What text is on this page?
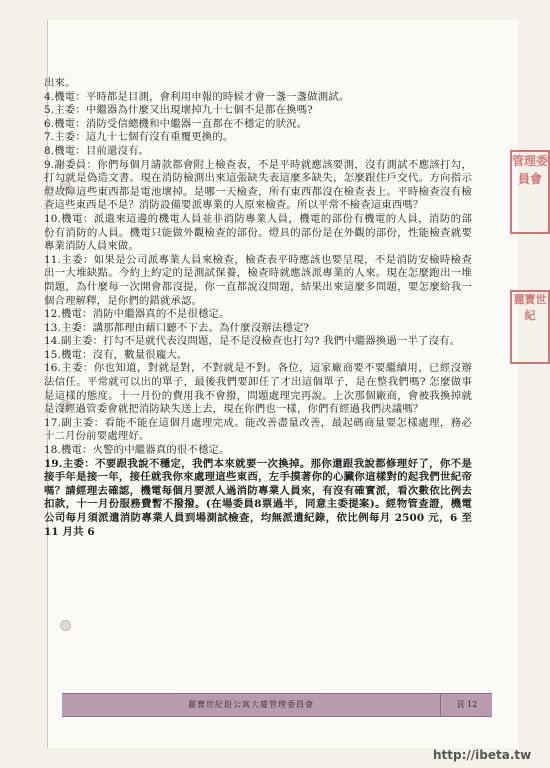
出來。

4.機電：平時都是目測，會利用申報的時候才會一盞一盞做測試。

5.主委：中繼器為什麼又出現壞掉九十七個不是都在換嗎?

6.機電：消防受信總機和中繼器一直都在不穩定的狀況。

7.主委：這九十七個有沒有重覆更換的。

8.機電：目前還沒有。

9.謝委員：你們每個月請款都會附上檢查表，不是平時就應該要測，沒有測試不應該打勾，打勾就是偽造文書。現在消防檢測出來這張缺失表這麼多缺失，怎麼跟住戶交代。方向指示燈故障這些東西都是電池壞掉。是哪一天檢查，所有東西都沒在檢查表上。平時檢查沒有檢查這些東西是不是？消防設備要派專業的人原來檢查。所以平常不檢查這東西嗎？

10.機電：派遣來這邊的機電人員並非消防專業人員，機電的部份有機電的人員，消防的部份有消防的人員。機電只能做外觀檢查的部份。燈具的部份是在外觀的部份，性能檢查就要專業消防人員來做。

11.主委：如果是公司派專業人員來檢查，檢查表平時應該也要呈現，不是消防安檢時檢查出一大堆缺點。今約上約定的是測試保養，檢查時就應該派專業的人來。現在怎麼跑出一堆問題，為什麼每一次開會都沒提，你一直都說沒問題，結果出來這麼多問題，要怎麼給我一個合理解釋，是你們的錯就承認。

12.機電：消防中繼器真的不是很穩定。

13.主委：講那都理由藉口聽不下去。為什麼沒辦法穩定?

14.副主委：打勾不是就代表沒問題，是不是沒檢查也打勾? 我們中繼器換過一半了沒有。

15.機電：沒有，數量很龐大。

16.主委：你也知道，對就是對，不對就是不對。各位，這家廠商要不要繼續用，已經沒辦法信任。平常就可以出的單子，最後我們要卸任了才出這個單子，是在整我們嗎? 怎麼做事是這樣的態度。十一月份的費用我不會撥，問題處理完再說。上次那個廠商，會被我換掉就是沒經過管委會就把消防缺失送上去，現在你們也一樣，你們有經過我們決議嗎？

17.副主委：看能不能在這個月處理完成。能改善盡量改善，最起碼商量要怎樣處理，務必十二月份前要處理好。

18.機電：火警的中繼器真的很不穩定。

19.主委：不要跟我說不穩定，我們本來就要一次換掉。那你還跟我說都修理好了，你不是接手年是接一年，接任就我你來處理這些東西，左手摸著你的心臟你這樣對的起我們世紀帝嗎？請經理去確認，機電每個月要派人過消防專業人員來，有沒有確實派，看次數依比例去扣款，十一月份服務費暫不撥撥。(在場委員8票過半，同意主委提案)。經物管查證，機電公司每月須派遣消防專業人員到場測試檢查，均無派遣紀錄，依比例每月 2500 元，6 至 11 月共 6

麗寶世紀鉛公寓大廈管理委員會	頁 12
管理委員會
麗寶世紀
http://ibeta.tw
